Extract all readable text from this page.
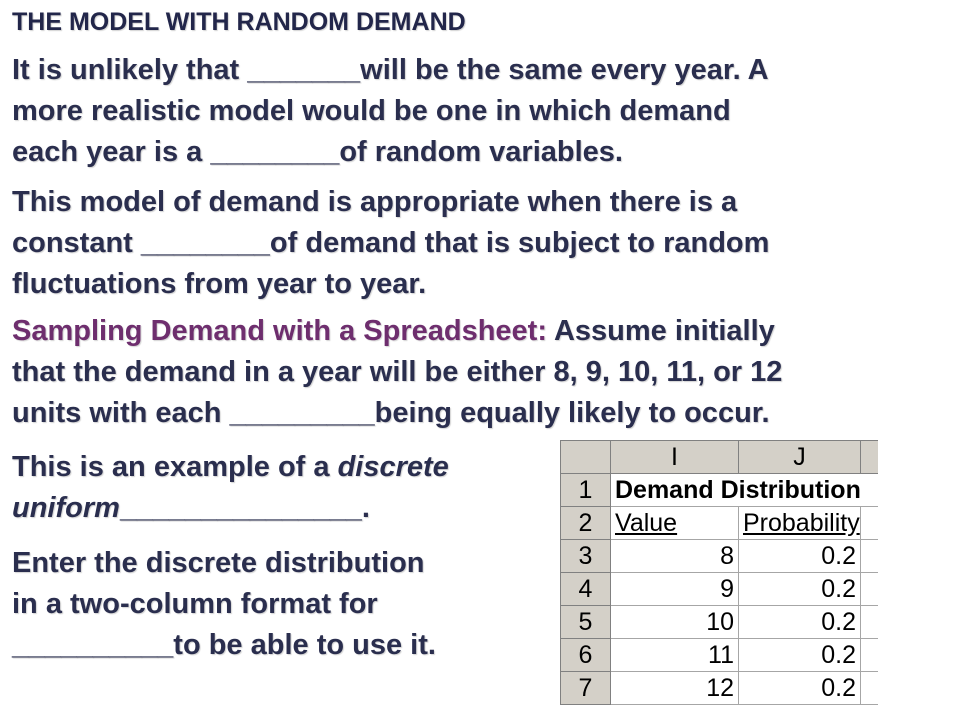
THE MODEL WITH RANDOM DEMAND
It is unlikely that _______will be the same every year. A
more realistic model would be one in which demand
each year is a ________of random variables.
This model of demand is appropriate when there is a
constant ________of demand that is subject to random
fluctuations from year to year.
Sampling Demand with a Spreadsheet: Assume initially
that the demand in a year will be either 8, 9, 10, 11, or 12
units with each _________being equally likely to occur.
This is an example of a discrete
uniform_______________.
Enter the discrete distribution
in a two-column format for
__________to be able to use it.
	I	J	
1	Demand Distribution		
2	Value	Probability	
3	8	0.2	
4	9	0.2	
5	10	0.2	
6	11	0.2	
7	12	0.2	
